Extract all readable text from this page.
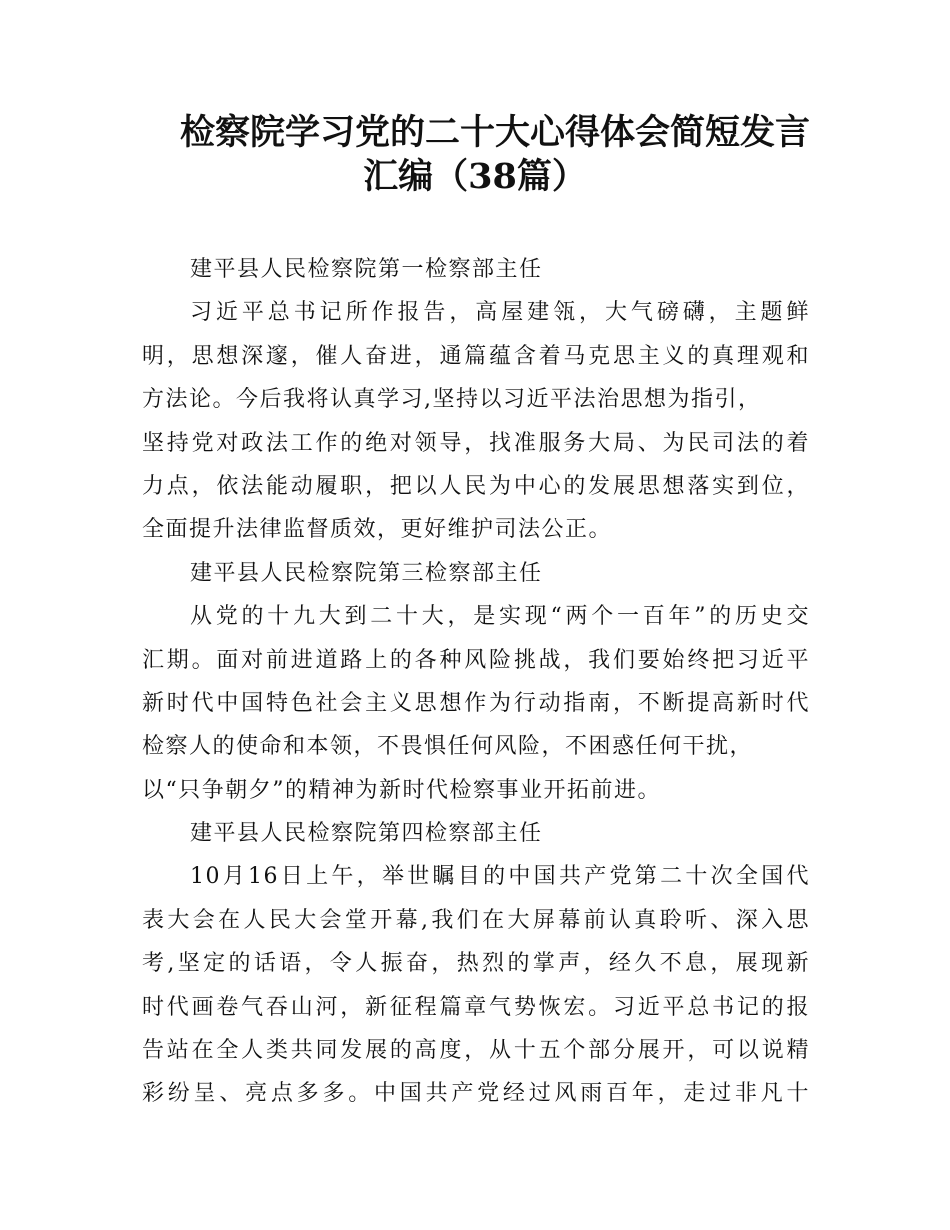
检察院学习党的二十大心得体会简短发言
汇编（38篇）
建平县人民检察院第一检察部主任
习近平总书记所作报告，高屋建瓴，大气磅礴，主题鲜
明，思想深邃，催人奋进，通篇蕴含着马克思主义的真理观和
方法论。今后我将认真学习,坚持以习近平法治思想为指引，
坚持党对政法工作的绝对领导，找准服务大局、为民司法的着
力点，依法能动履职，把以人民为中心的发展思想落实到位，
全面提升法律监督质效，更好维护司法公正。
建平县人民检察院第三检察部主任
从党的十九大到二十大，是实现“两个一百年”的历史交
汇期。面对前进道路上的各种风险挑战，我们要始终把习近平
新时代中国特色社会主义思想作为行动指南，不断提高新时代
检察人的使命和本领，不畏惧任何风险，不困惑任何干扰，
以“只争朝夕”的精神为新时代检察事业开拓前进。
建平县人民检察院第四检察部主任
10月16日上午，举世瞩目的中国共产党第二十次全国代
表大会在人民大会堂开幕,我们在大屏幕前认真聆听、深入思
考,坚定的话语，令人振奋，热烈的掌声，经久不息，展现新
时代画卷气吞山河，新征程篇章气势恢宏。习近平总书记的报
告站在全人类共同发展的高度，从十五个部分展开，可以说精
彩纷呈、亮点多多。中国共产党经过风雨百年，走过非凡十
